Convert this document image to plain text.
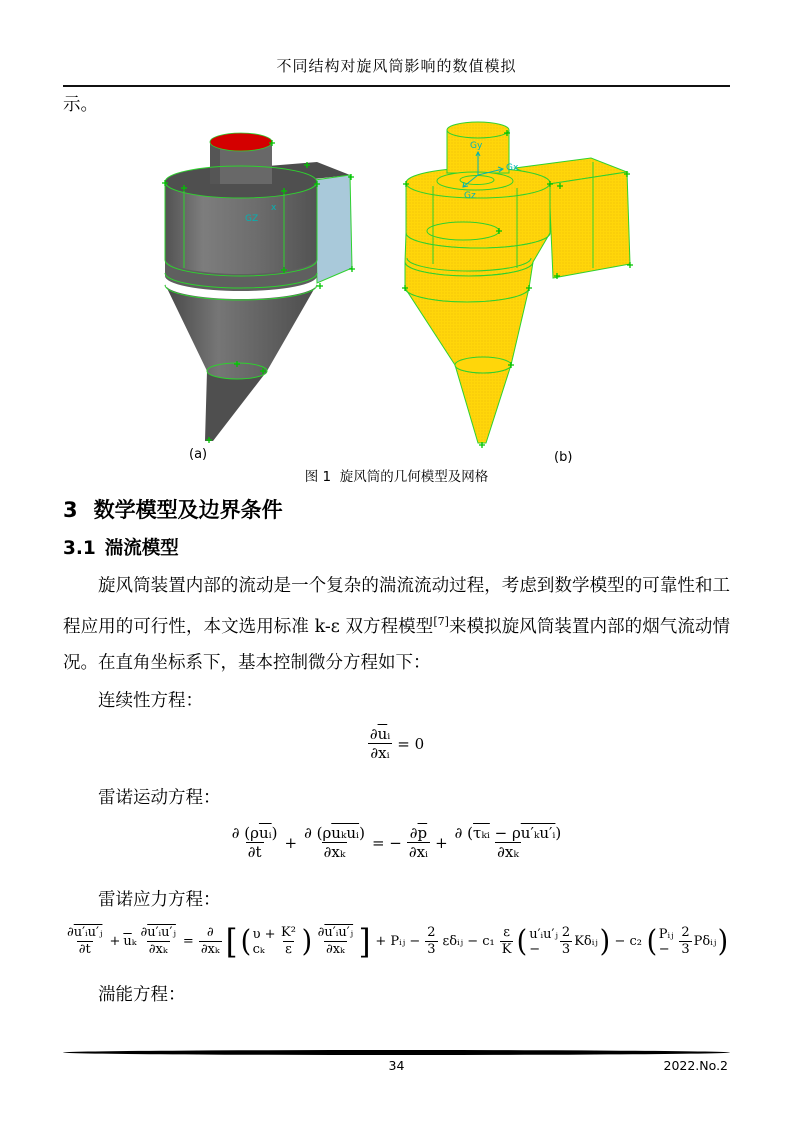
不同结构对旋风筒影响的数值模拟
示。
x
GZ
(a)
Gy
Gx
Gz
(b)
图 1  旋风筒的几何模型及网格
3 数学模型及边界条件
3.1 湍流模型
旋风筒装置内部的流动是一个复杂的湍流流动过程，考虑到数学模型的可靠性和工程应用的可行性，本文选用标准 k-ε 双方程模型[7]来模拟旋风筒装置内部的烟气流动情况。在直角坐标系下，基本控制微分方程如下：
连续性方程：
$\frac{\partial\overline{u}ᵢ}{\text{∂xᵢ}} = 0$
雷诺运动方程：
$\frac{\partial (\rho\overline{uᵢ})}{\partial t} + \frac{\text{∂ (ρuₖuᵢ)}}{\text{∂xₖ}}$ = − $\frac{\partial\overline{p}}{\text{∂xᵢ}} + \frac{\partial (\overline{\tau_kᵢ} - \rho u'_ku'ᵢ)}{\text{∂xₖ}}$
雷诺应力方程：
$\frac{\text{∂u′ᵢu′ⱼ}}{\partial t} + \overline{u}_k \frac{\text{∂u′ᵢu′ⱼ}}{\text{∂xₖ}} = \frac{\partial}{\text{∂xₖ}}$ [ ( υ + cₖ	$\frac{\text{K²}}{\varepsilon}$ ) $\frac{\text{∂u′ᵢu′ⱼ}}{\text{∂xₖ}}$ ] + Pᵢⱼ − $\frac{2}{3}$ εδᵢⱼ − $c_1 \frac{\varepsilon}{K}$ ( u′ᵢu′ⱼ −	$\frac{2}{3}$ Kδᵢⱼ ) − c₂ ( Pᵢⱼ − $\frac{2}{3}$ Pδᵢⱼ )
湍能方程：
34	2022.No.2
